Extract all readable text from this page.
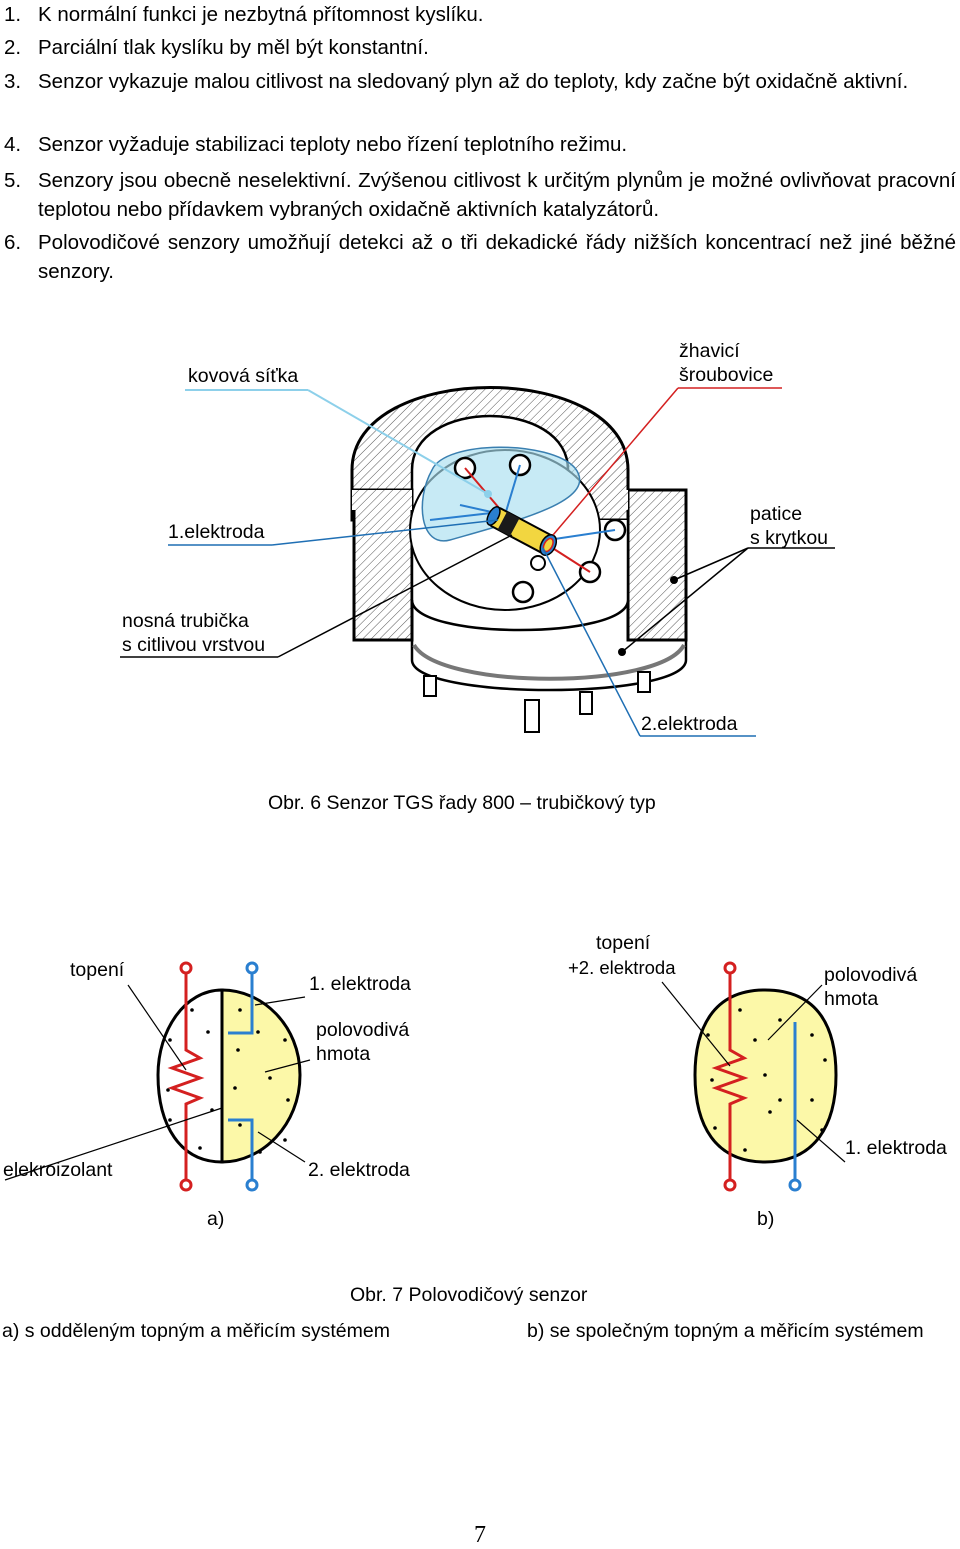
1. K normální funkci je nezbytná přítomnost kyslíku.
2. Parciální tlak kyslíku by měl být konstantní.
3. Senzor vykazuje malou citlivost na sledovaný plyn až do teploty, kdy začne být oxidačně aktivní.
4. Senzor vyžaduje stabilizaci teploty nebo řízení teplotního režimu.
5. Senzory jsou obecně neselektivní. Zvýšenou citlivost k určitým plynům je možné ovlivňovat pracovní teplotou nebo přídavkem vybraných oxidačně aktivních katalyzátorů.
6. Polovodičové senzory umožňují detekci až o tři dekadické řády nižších koncentrací než jiné běžné senzory.
kovová síťka
žhavicí
šroubovice
1.elektroda
patice
s krytkou
nosná trubička
s citlivou vrstvou
2.elektroda
Obr. 6 Senzor TGS řady 800 – trubičkový typ
topení
1. elektroda
polovodivá
hmota
elekroizolant	2. elektroda
topení
+2. elektroda	polovodivá
hmota
1. elektroda
a)	b)
Obr. 7 Polovodičový senzor
a) s odděleným topným a měřicím systémem	b) se společným topným a měřicím systémem
7
